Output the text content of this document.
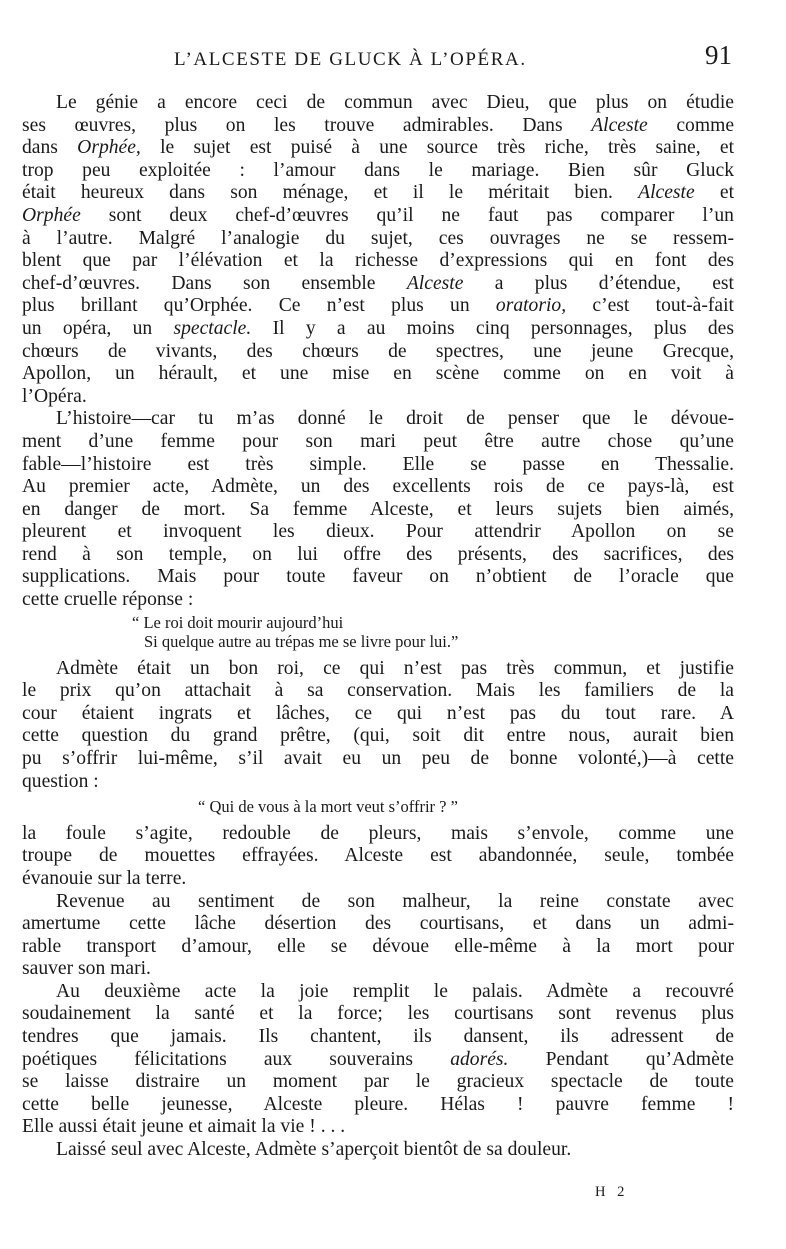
L’ALCESTE DE GLUCK À L’OPÉRA.	91
Le génie a encore ceci de commun avec Dieu, que plus on étudie
ses œuvres, plus on les trouve admirables. Dans Alceste comme
dans Orphée, le sujet est puisé à une source très riche, très saine, et
trop peu exploitée : l’amour dans le mariage. Bien sûr Gluck
était heureux dans son ménage, et il le méritait bien. Alceste et
Orphée sont deux chef-d’œuvres qu’il ne faut pas comparer l’un
à l’autre. Malgré l’analogie du sujet, ces ouvrages ne se ressem-
blent que par l’élévation et la richesse d’expressions qui en font des
chef-d’œuvres. Dans son ensemble Alceste a plus d’étendue, est
plus brillant qu’Orphée. Ce n’est plus un oratorio, c’est tout-à-fait
un opéra, un spectacle. Il y a au moins cinq personnages, plus des
chœurs de vivants, des chœurs de spectres, une jeune Grecque,
Apollon, un hérault, et une mise en scène comme on en voit à
l’Opéra.
L’histoire—car tu m’as donné le droit de penser que le dévoue-
ment d’une femme pour son mari peut être autre chose qu’une
fable—l’histoire est très simple. Elle se passe en Thessalie.
Au premier acte, Admète, un des excellents rois de ce pays-là, est
en danger de mort. Sa femme Alceste, et leurs sujets bien aimés,
pleurent et invoquent les dieux. Pour attendrir Apollon on se
rend à son temple, on lui offre des présents, des sacrifices, des
supplications. Mais pour toute faveur on n’obtient de l’oracle que
cette cruelle réponse :
“ Le roi doit mourir aujourd’hui
Si quelque autre au trépas me se livre pour lui.”
Admète était un bon roi, ce qui n’est pas très commun, et justifie
le prix qu’on attachait à sa conservation. Mais les familiers de la
cour étaient ingrats et lâches, ce qui n’est pas du tout rare. A
cette question du grand prêtre, (qui, soit dit entre nous, aurait bien
pu s’offrir lui-même, s’il avait eu un peu de bonne volonté,)—à cette
question :
“ Qui de vous à la mort veut s’offrir ? ”
la foule s’agite, redouble de pleurs, mais s’envole, comme une
troupe de mouettes effrayées. Alceste est abandonnée, seule, tombée
évanouie sur la terre.
Revenue au sentiment de son malheur, la reine constate avec
amertume cette lâche désertion des courtisans, et dans un admi-
rable transport d’amour, elle se dévoue elle-même à la mort pour
sauver son mari.
Au deuxième acte la joie remplit le palais. Admète a recouvré
soudainement la santé et la force; les courtisans sont revenus plus
tendres que jamais. Ils chantent, ils dansent, ils adressent de
poétiques félicitations aux souverains adorés. Pendant qu’Admète
se laisse distraire un moment par le gracieux spectacle de toute
cette belle jeunesse, Alceste pleure. Hélas ! pauvre femme !
Elle aussi était jeune et aimait la vie ! . . .
Laissé seul avec Alceste, Admète s’aperçoit bientôt de sa douleur.
H 2
